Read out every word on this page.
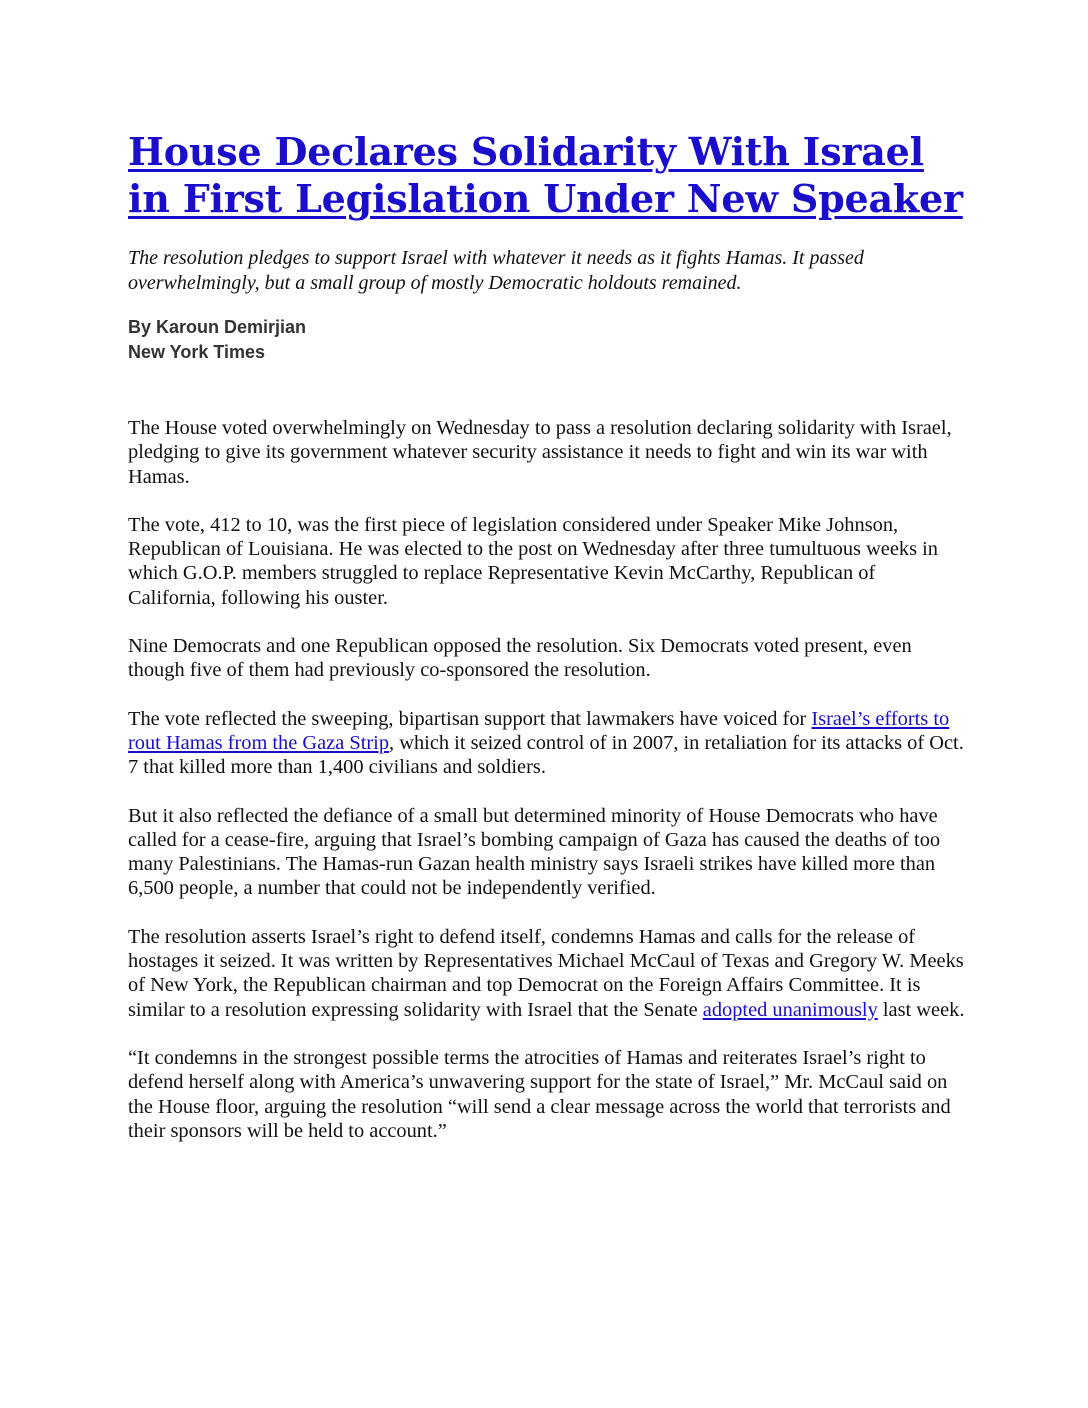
House Declares Solidarity With Israel in First Legislation Under New Speaker

The resolution pledges to support Israel with whatever it needs as it fights Hamas. It passed overwhelmingly, but a small group of mostly Democratic holdouts remained.

By Karoun Demirjian
New York Times

The House voted overwhelmingly on Wednesday to pass a resolution declaring solidarity with Israel, pledging to give its government whatever security assistance it needs to fight and win its war with Hamas.

The vote, 412 to 10, was the first piece of legislation considered under Speaker Mike Johnson, Republican of Louisiana. He was elected to the post on Wednesday after three tumultuous weeks in which G.O.P. members struggled to replace Representative Kevin McCarthy, Republican of California, following his ouster.

Nine Democrats and one Republican opposed the resolution. Six Democrats voted present, even though five of them had previously co-sponsored the resolution.

The vote reflected the sweeping, bipartisan support that lawmakers have voiced for Israel’s efforts to rout Hamas from the Gaza Strip, which it seized control of in 2007, in retaliation for its attacks of Oct. 7 that killed more than 1,400 civilians and soldiers.

But it also reflected the defiance of a small but determined minority of House Democrats who have called for a cease-fire, arguing that Israel’s bombing campaign of Gaza has caused the deaths of too many Palestinians. The Hamas-run Gazan health ministry says Israeli strikes have killed more than 6,500 people, a number that could not be independently verified.

The resolution asserts Israel’s right to defend itself, condemns Hamas and calls for the release of hostages it seized. It was written by Representatives Michael McCaul of Texas and Gregory W. Meeks of New York, the Republican chairman and top Democrat on the Foreign Affairs Committee. It is similar to a resolution expressing solidarity with Israel that the Senate adopted unanimously last week.

“It condemns in the strongest possible terms the atrocities of Hamas and reiterates Israel’s right to defend herself along with America’s unwavering support for the state of Israel,” Mr. McCaul said on the House floor, arguing the resolution “will send a clear message across the world that terrorists and their sponsors will be held to account.”
